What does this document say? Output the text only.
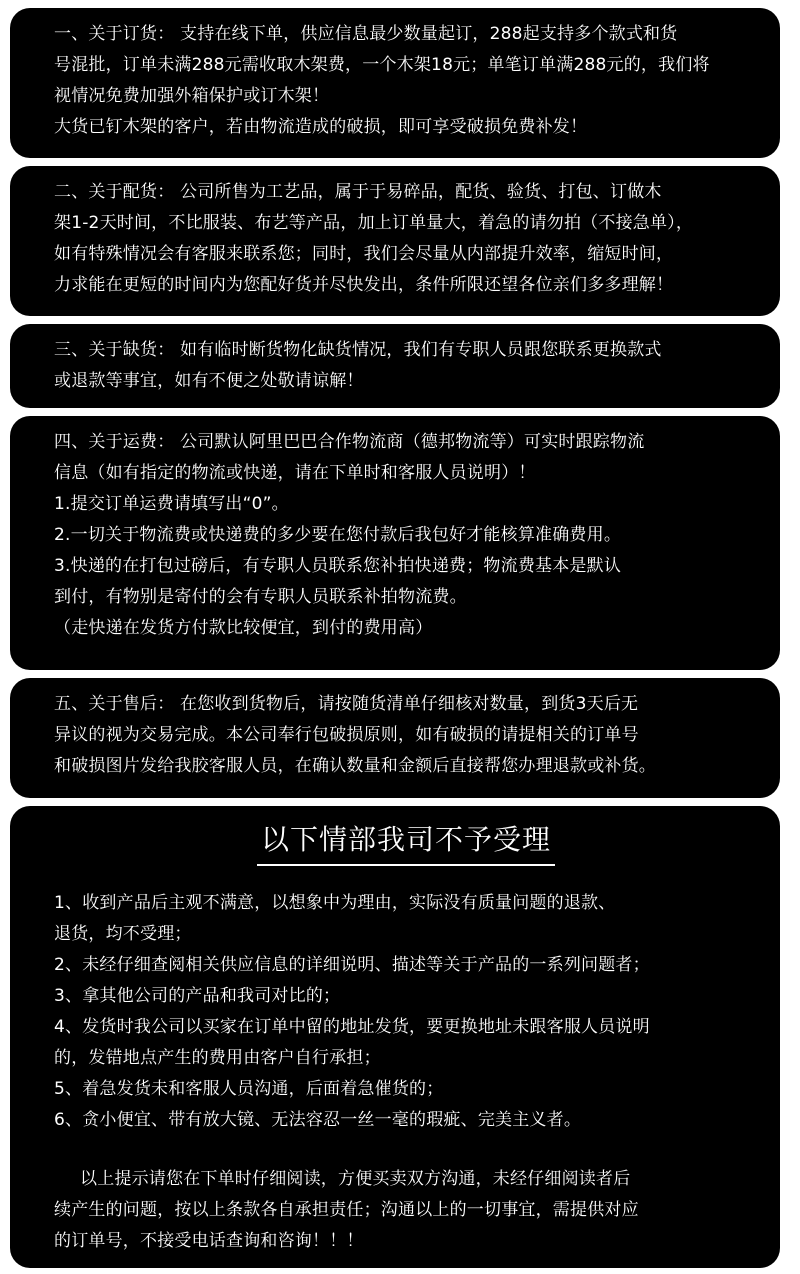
一、关于订货： 支持在线下单，供应信息最少数量起订，288起支持多个款式和货
号混批，订单未满288元需收取木架费，一个木架18元；单笔订单满288元的，我们将
视情况免费加强外箱保护或订木架！
大货已钉木架的客户，若由物流造成的破损，即可享受破损免费补发！
二、关于配货： 公司所售为工艺品，属于于易碎品，配货、验货、打包、订做木
架1-2天时间，不比服装、布艺等产品，加上订单量大，着急的请勿拍（不接急单），
如有特殊情况会有客服来联系您；同时，我们会尽量从内部提升效率，缩短时间，
力求能在更短的时间内为您配好货并尽快发出，条件所限还望各位亲们多多理解！
三、关于缺货： 如有临时断货物化缺货情况，我们有专职人员跟您联系更换款式
或退款等事宜，如有不便之处敬请谅解！
四、关于运费： 公司默认阿里巴巴合作物流商（德邦物流等）可实时跟踪物流
信息（如有指定的物流或快递，请在下单时和客服人员说明）！
1.提交订单运费请填写出“0”。
2.一切关于物流费或快递费的多少要在您付款后我包好才能核算准确费用。
3.快递的在打包过磅后，有专职人员联系您补拍快递费；物流费基本是默认
到付，有物别是寄付的会有专职人员联系补拍物流费。
（走快递在发货方付款比较便宜，到付的费用高）
五、关于售后： 在您收到货物后，请按随货清单仔细核对数量，到货3天后无
异议的视为交易完成。本公司奉行包破损原则，如有破损的请提相关的订单号
和破损图片发给我胶客服人员，在确认数量和金额后直接帮您办理退款或补货。
以下情部我司不予受理
1、收到产品后主观不满意，以想象中为理由，实际没有质量问题的退款、
退货，均不受理；
2、未经仔细查阅相关供应信息的详细说明、描述等关于产品的一系列问题者；
3、拿其他公司的产品和我司对比的；
4、发货时我公司以买家在订单中留的地址发货，要更换地址未跟客服人员说明
的，发错地点产生的费用由客户自行承担；
5、着急发货未和客服人员沟通，后面着急催货的；
6、贪小便宜、带有放大镜、无法容忍一丝一毫的瑕疵、完美主义者。
以上提示请您在下单时仔细阅读，方便买卖双方沟通，未经仔细阅读者后
续产生的问题，按以上条款各自承担责任；沟通以上的一切事宜，需提供对应
的订单号，不接受电话查询和咨询！！！
